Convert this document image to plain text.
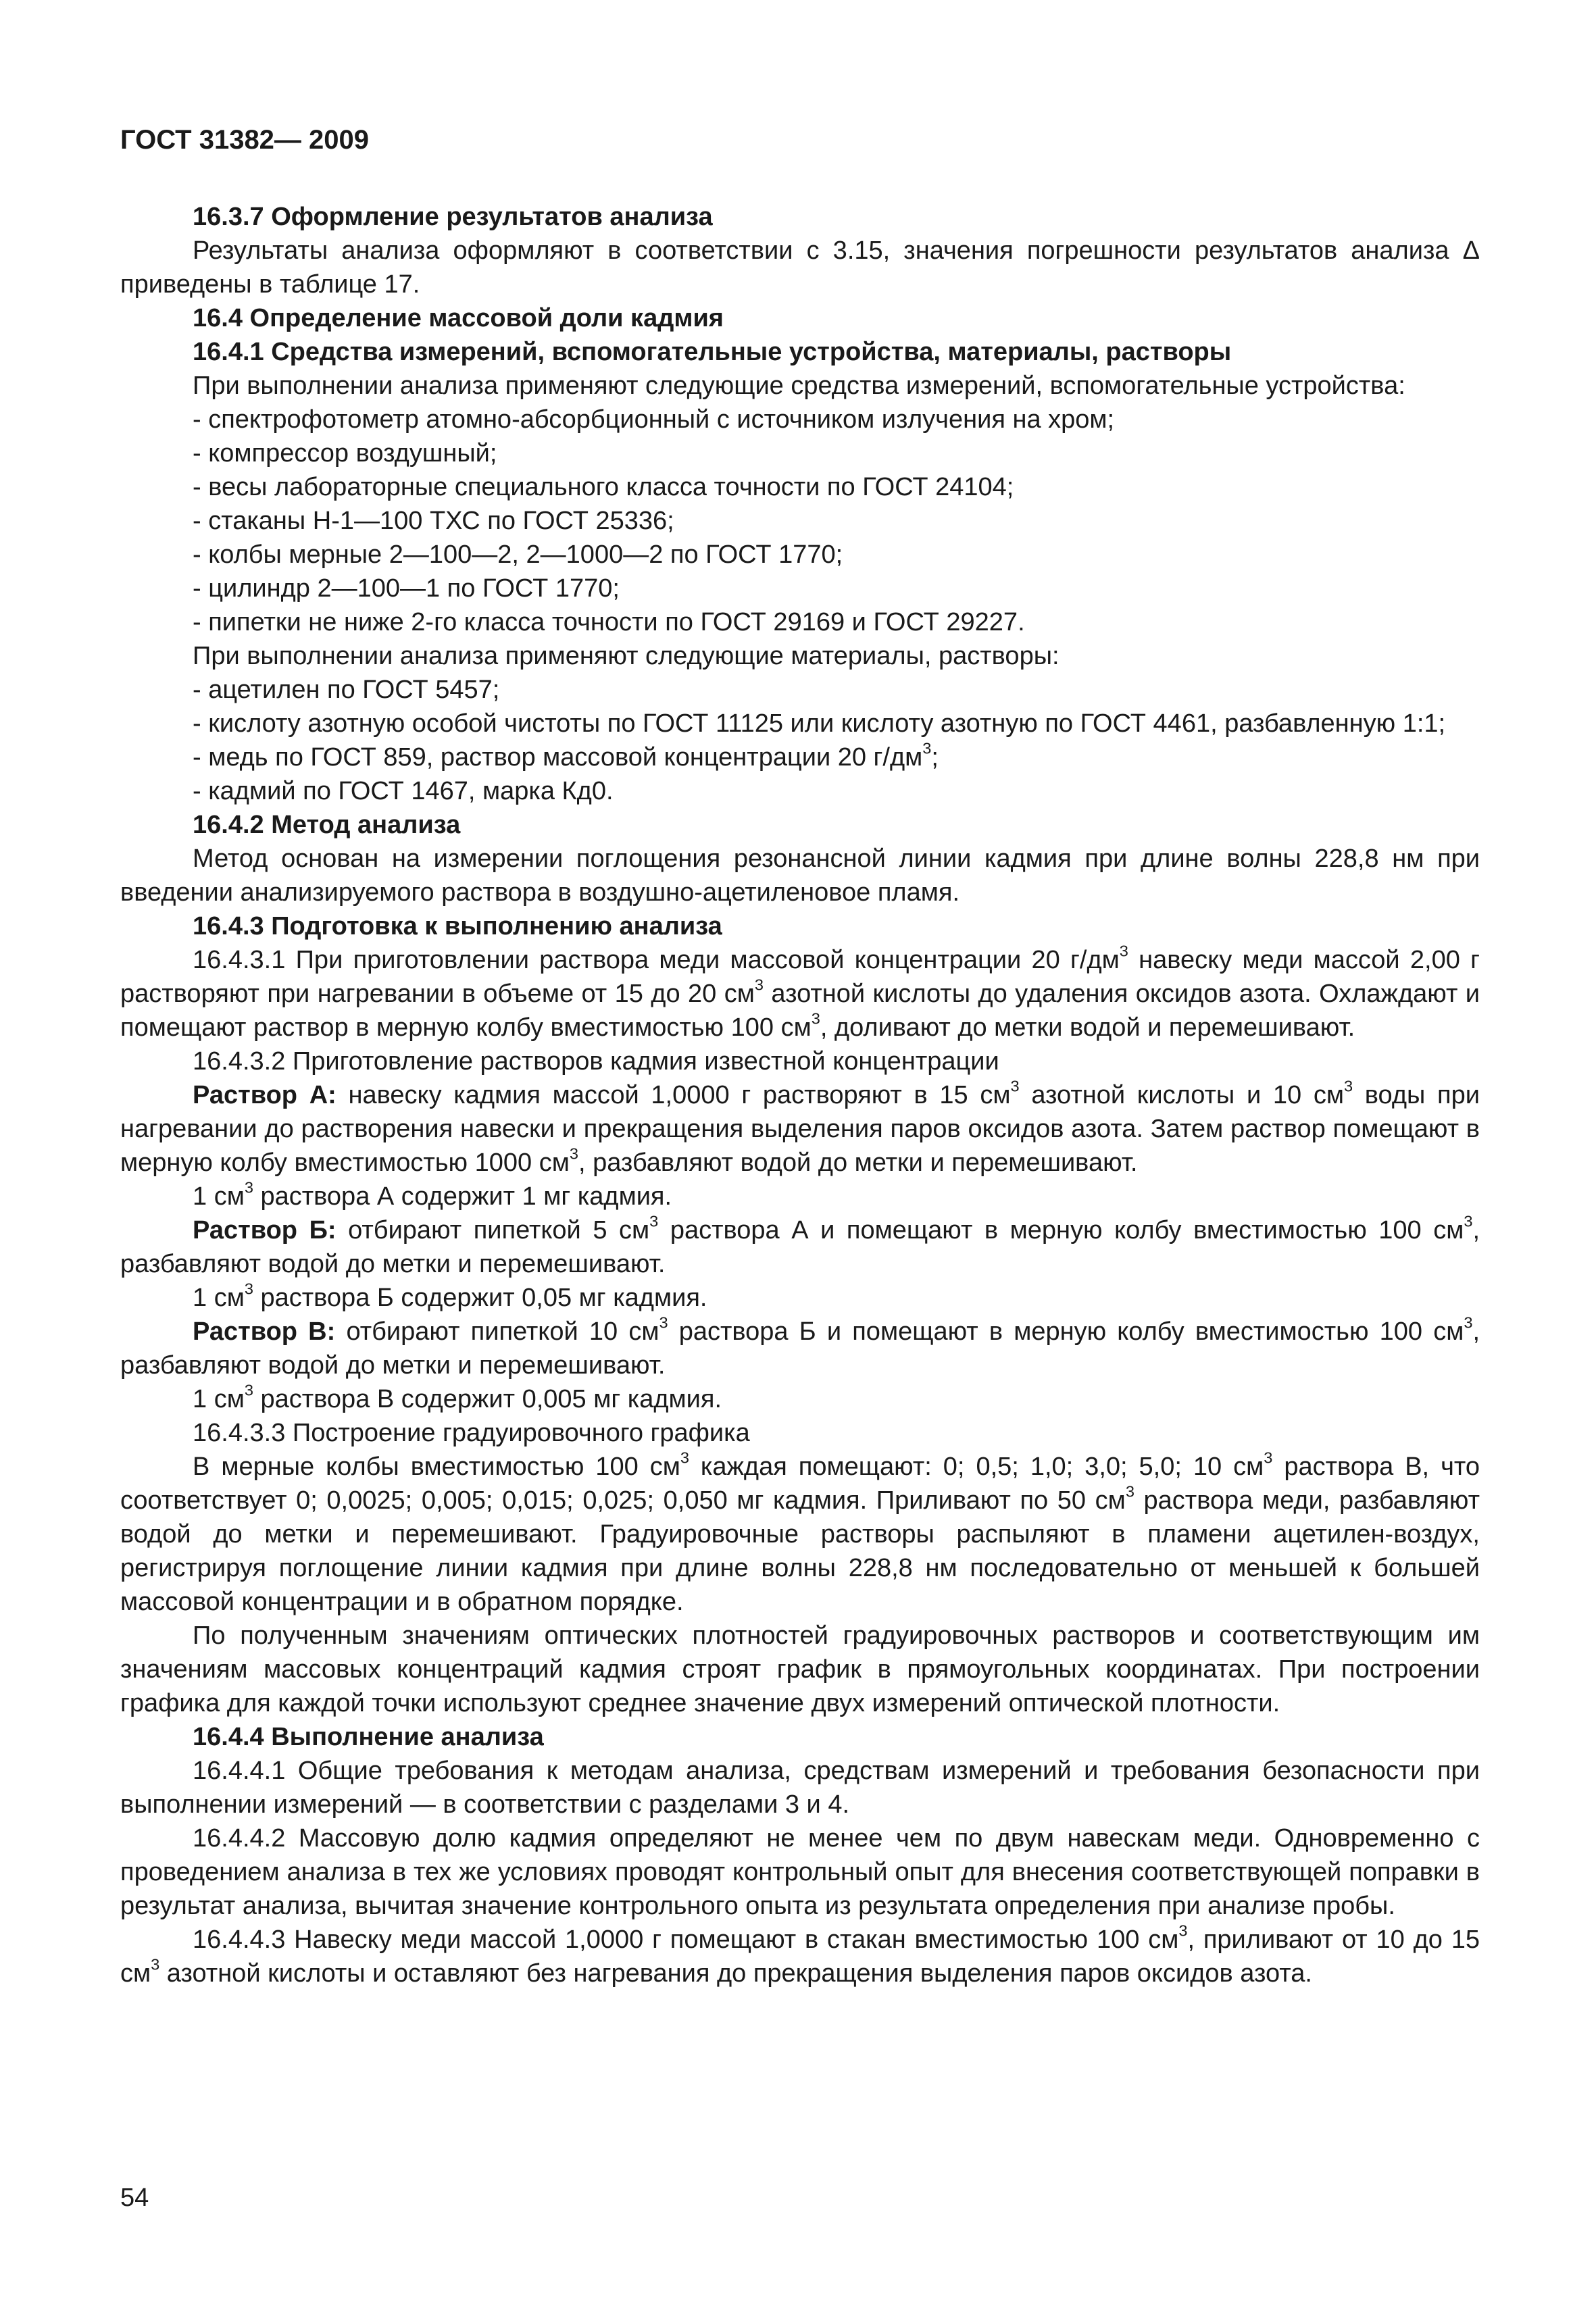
ГОСТ 31382— 2009

16.3.7 Оформление результатов анализа

Результаты анализа оформляют в соответствии с 3.15, значения погрешности результатов анализа Δ приведены в таблице 17.

16.4 Определение массовой доли кадмия

16.4.1 Средства измерений, вспомогательные устройства, материалы, растворы

При выполнении анализа применяют следующие средства измерений, вспомогательные устройства:

- спектрофотометр атомно-абсорбционный с источником излучения на хром;

- компрессор воздушный;

- весы лабораторные специального класса точности по ГОСТ 24104;

- стаканы Н-1—100 ТХС по ГОСТ 25336;

- колбы мерные 2—100—2, 2—1000—2 по ГОСТ 1770;

- цилиндр 2—100—1 по ГОСТ 1770;

- пипетки не ниже 2-го класса точности по ГОСТ 29169 и ГОСТ 29227.

При выполнении анализа применяют следующие материалы, растворы:

- ацетилен по ГОСТ 5457;

- кислоту азотную особой чистоты по ГОСТ 11125 или кислоту азотную по ГОСТ 4461, разбавленную 1:1;

- медь по ГОСТ 859, раствор массовой концентрации 20 $г/дм^3$;

- кадмий по ГОСТ 1467, марка Кд0.

16.4.2 Метод анализа

Метод основан на измерении поглощения резонансной линии кадмия при длине волны 228,8 нм при введении анализируемого раствора в воздушно-ацетиленовое пламя.

16.4.3 Подготовка к выполнению анализа

16.4.3.1 При приготовлении раствора меди массовой концентрации 20 $г/дм^3$ навеску меди массой 2,00 г растворяют при нагревании в объеме от 15 до 20 $см^3$ азотной кислоты до удаления оксидов азота. Охлаждают и помещают раствор в мерную колбу вместимостью 100 $см^3$, доливают до метки водой и перемешивают.

16.4.3.2 Приготовление растворов кадмия известной концентрации

Раствор А: навеску кадмия массой 1,0000 г растворяют в 15 $см^3$ азотной кислоты и 10 $см^3$ воды при нагревании до растворения навески и прекращения выделения паров оксидов азота. Затем раствор помещают в мерную колбу вместимостью 1000 $см^3$, разбавляют водой до метки и перемешивают.

1 $см^3$ раствора А содержит 1 мг кадмия.

Раствор Б: отбирают пипеткой 5 $см^3$ раствора А и помещают в мерную колбу вместимостью 100 $см^3$, разбавляют водой до метки и перемешивают.

1 $см^3$ раствора Б содержит 0,05 мг кадмия.

Раствор В: отбирают пипеткой 10 $см^3$ раствора Б и помещают в мерную колбу вместимостью 100 $см^3$, разбавляют водой до метки и перемешивают.

1 $см^3$ раствора В содержит 0,005 мг кадмия.

16.4.3.3 Построение градуировочного графика

В мерные колбы вместимостью 100 $см^3$ каждая помещают: 0; 0,5; 1,0; 3,0; 5,0; 10 $см^3$ раствора В, что соответствует 0; 0,0025; 0,005; 0,015; 0,025; 0,050 мг кадмия. Приливают по 50 $см^3$ раствора меди, разбавляют водой до метки и перемешивают. Градуировочные растворы распыляют в пламени ацетилен-воздух, регистрируя поглощение линии кадмия при длине волны 228,8 нм последовательно от меньшей к большей массовой концентрации и в обратном порядке.

По полученным значениям оптических плотностей градуировочных растворов и соответствующим им значениям массовых концентраций кадмия строят график в прямоугольных координатах. При построении графика для каждой точки используют среднее значение двух измерений оптической плотности.

16.4.4 Выполнение анализа

16.4.4.1 Общие требования к методам анализа, средствам измерений и требования безопасности при выполнении измерений — в соответствии с разделами 3 и 4.

16.4.4.2 Массовую долю кадмия определяют не менее чем по двум навескам меди. Одновременно с проведением анализа в тех же условиях проводят контрольный опыт для внесения соответствующей поправки в результат анализа, вычитая значение контрольного опыта из результата определения при анализе пробы.

16.4.4.3 Навеску меди массой 1,0000 г помещают в стакан вместимостью 100 $см^3$, приливают от 10 до 15 $см^3$ азотной кислоты и оставляют без нагревания до прекращения выделения паров оксидов азота.

54
